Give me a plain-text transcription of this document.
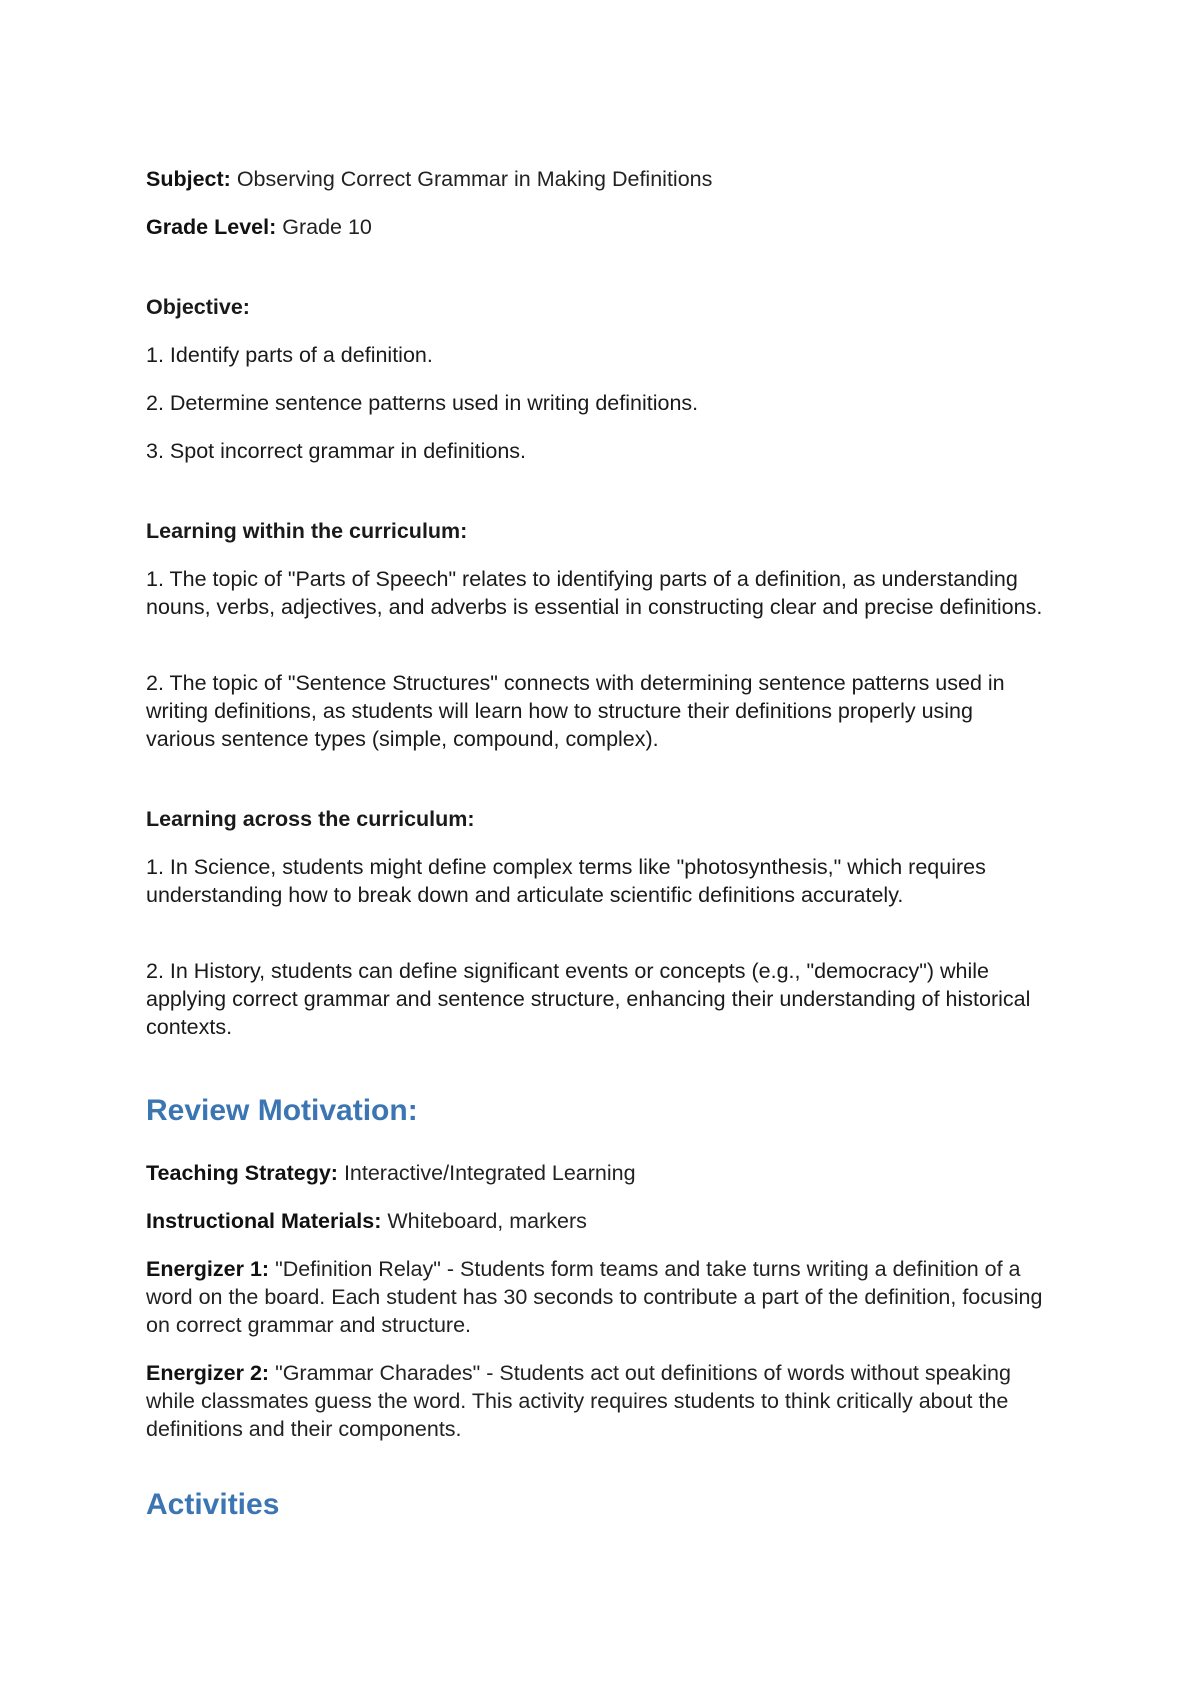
Subject: Observing Correct Grammar in Making Definitions
Grade Level: Grade 10
Objective:
1. Identify parts of a definition.
2. Determine sentence patterns used in writing definitions.
3. Spot incorrect grammar in definitions.
Learning within the curriculum:
1. The topic of "Parts of Speech" relates to identifying parts of a definition, as understanding nouns, verbs, adjectives, and adverbs is essential in constructing clear and precise definitions.
2. The topic of "Sentence Structures" connects with determining sentence patterns used in writing definitions, as students will learn how to structure their definitions properly using various sentence types (simple, compound, complex).
Learning across the curriculum:
1. In Science, students might define complex terms like "photosynthesis," which requires understanding how to break down and articulate scientific definitions accurately.
2. In History, students can define significant events or concepts (e.g., "democracy") while applying correct grammar and sentence structure, enhancing their understanding of historical contexts.
Review Motivation:
Teaching Strategy: Interactive/Integrated Learning
Instructional Materials: Whiteboard, markers
Energizer 1: "Definition Relay" - Students form teams and take turns writing a definition of a word on the board. Each student has 30 seconds to contribute a part of the definition, focusing on correct grammar and structure.
Energizer 2: "Grammar Charades" - Students act out definitions of words without speaking while classmates guess the word. This activity requires students to think critically about the definitions and their components.
Activities
